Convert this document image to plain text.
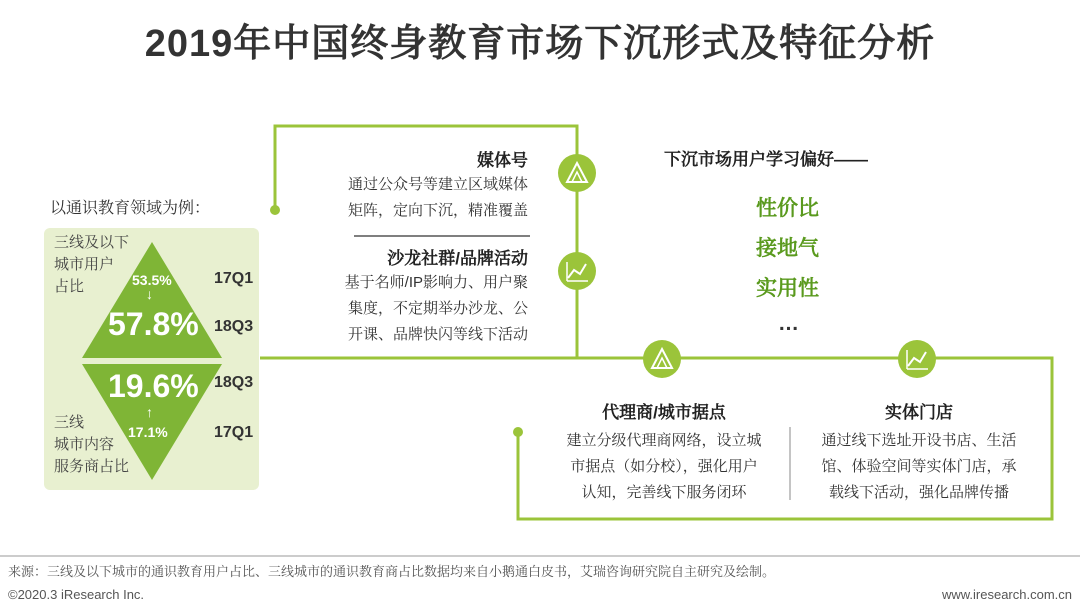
2019年中国终身教育市场下沉形式及特征分析
以通识教育领域为例：
三线及以下
城市用户
占比	53.5%
↓
57.8%
19.6%
↑
17.1%
三线
城市内容
服务商占比
17Q1
18Q3
18Q3
17Q1
媒体号
通过公众号等建立区域媒体
矩阵，定向下沉，精准覆盖
沙龙社群/品牌活动
基于名师/IP影响力、用户聚
集度，不定期举办沙龙、公
开课、品牌快闪等线下活动
下沉市场用户学习偏好——
性价比
接地气
实用性
…
代理商/城市据点
建立分级代理商网络，设立城
市据点（如分校），强化用户
认知，完善线下服务闭环
实体门店
通过线下选址开设书店、生活
馆、体验空间等实体门店，承
载线下活动，强化品牌传播
来源：三线及以下城市的通识教育用户占比、三线城市的通识教育商占比数据均来自小鹅通白皮书，艾瑞咨询研究院自主研究及绘制。
©2020.3 iResearch Inc.	www.iresearch.com.cn
